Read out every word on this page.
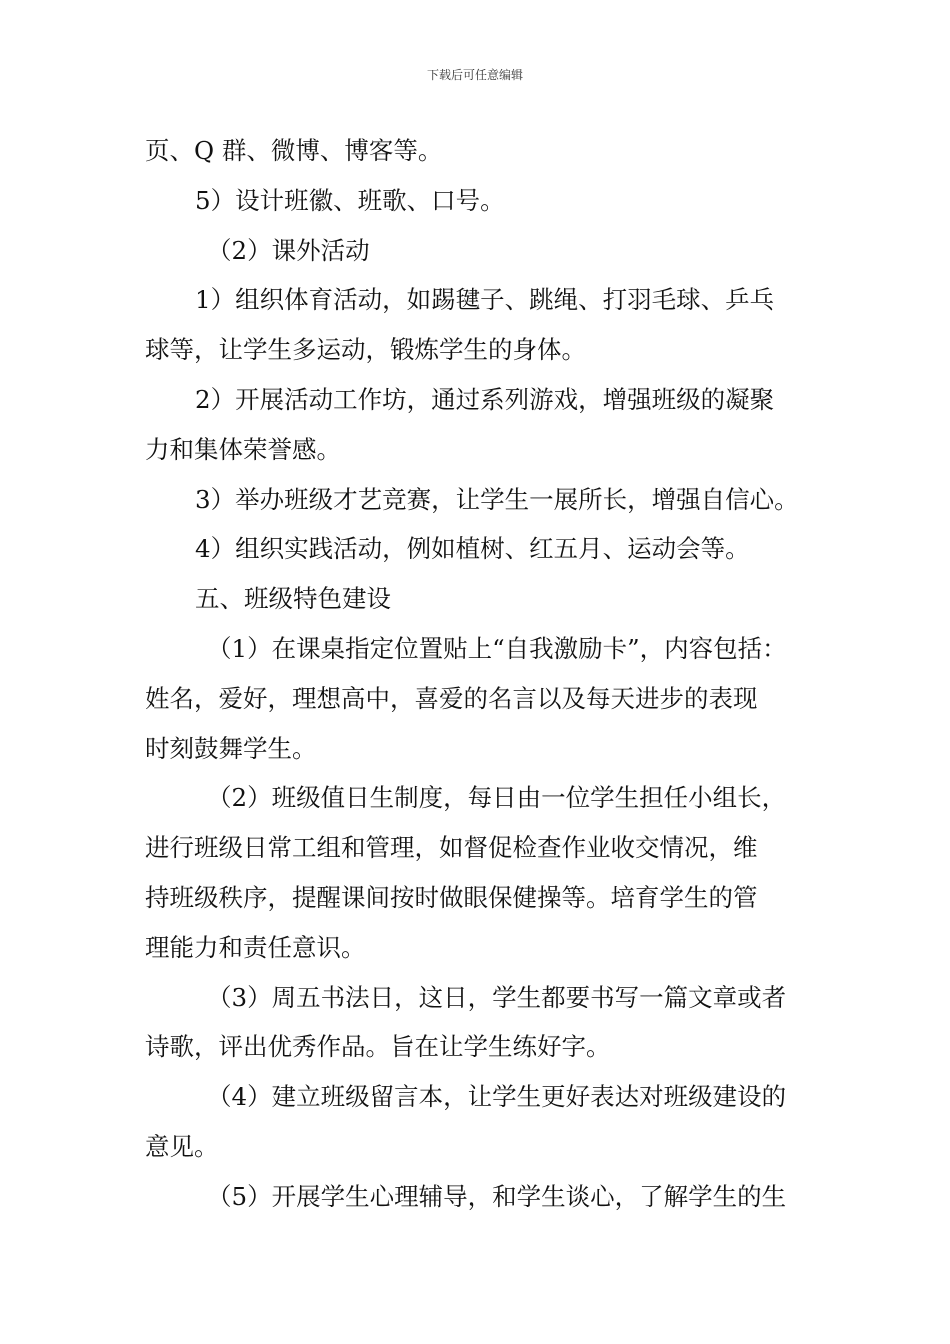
下载后可任意编辑
页、Q 群、微博、博客等。
5）设计班徽、班歌、口号。
（2）课外活动
1）组织体育活动，如踢毽子、跳绳、打羽毛球、乒乓
球等，让学生多运动，锻炼学生的身体。
2）开展活动工作坊，通过系列游戏，增强班级的凝聚
力和集体荣誉感。
3）举办班级才艺竞赛，让学生一展所长，增强自信心。
4）组织实践活动，例如植树、红五月、运动会等。
五、班级特色建设
（1）在课桌指定位置贴上“自我激励卡”，内容包括：
姓名，爱好，理想高中，喜爱的名言以及每天进步的表现
时刻鼓舞学生。
（2）班级值日生制度，每日由一位学生担任小组长，
进行班级日常工组和管理，如督促检查作业收交情况，维
持班级秩序，提醒课间按时做眼保健操等。培育学生的管
理能力和责任意识。
（3）周五书法日，这日，学生都要书写一篇文章或者
诗歌，评出优秀作品。旨在让学生练好字。
（4）建立班级留言本，让学生更好表达对班级建设的
意见。
（5）开展学生心理辅导，和学生谈心，了解学生的生
